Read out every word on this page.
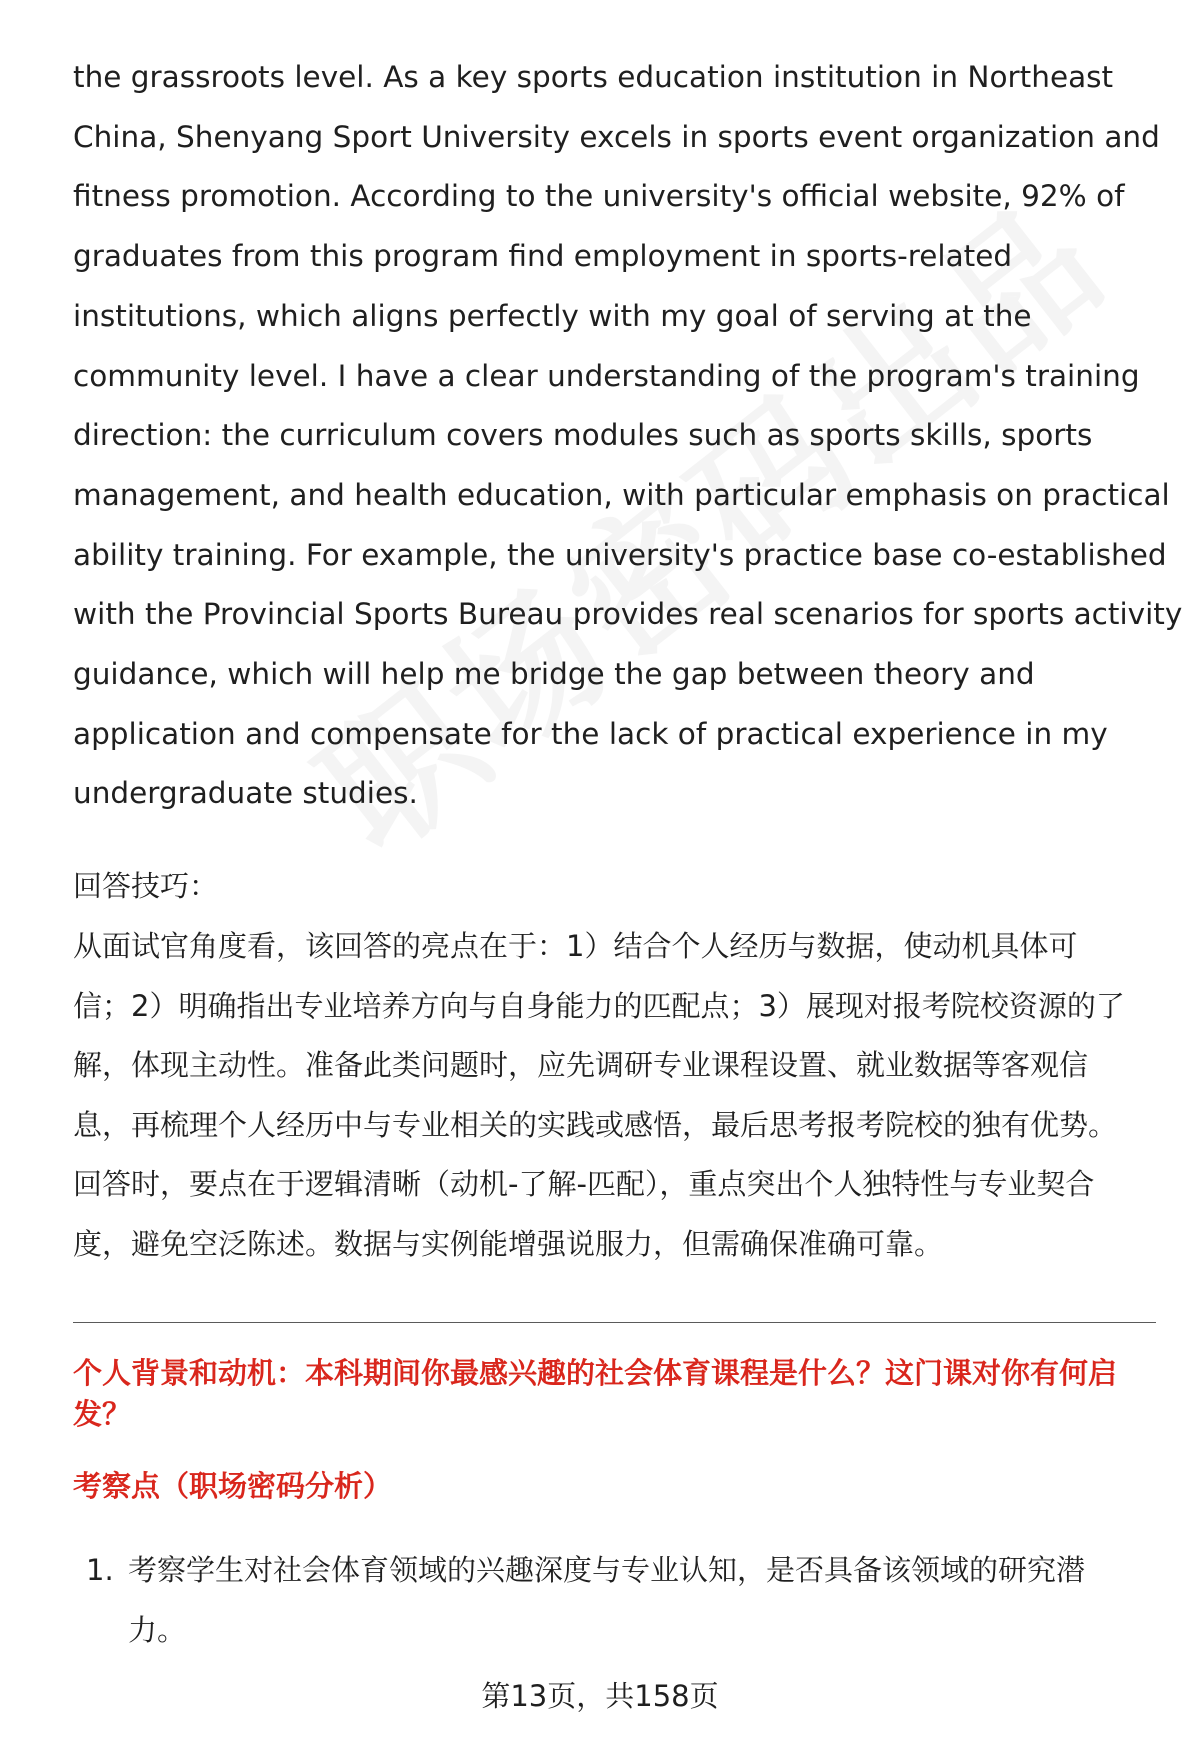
the grassroots level. As a key sports education institution in Northeast
China, Shenyang Sport University excels in sports event organization and
fitness promotion. According to the university's official website, 92% of
graduates from this program find employment in sports-related
institutions, which aligns perfectly with my goal of serving at the
community level. I have a clear understanding of the program's training
direction: the curriculum covers modules such as sports skills, sports
management, and health education, with particular emphasis on practical
ability training. For example, the university's practice base co-established
with the Provincial Sports Bureau provides real scenarios for sports activity
guidance, which will help me bridge the gap between theory and
application and compensate for the lack of practical experience in my
undergraduate studies.

回答技巧：

从面试官角度看，该回答的亮点在于：1）结合个人经历与数据，使动机具体可
信；2）明确指出专业培养方向与自身能力的匹配点；3）展现对报考院校资源的了
解，体现主动性。准备此类问题时，应先调研专业课程设置、就业数据等客观信
息，再梳理个人经历中与专业相关的实践或感悟，最后思考报考院校的独有优势。
回答时，要点在于逻辑清晰（动机-了解-匹配），重点突出个人独特性与专业契合
度，避免空泛陈述。数据与实例能增强说服力，但需确保准确可靠。

个人背景和动机：本科期间你最感兴趣的社会体育课程是什么？这门课对你有何启
发？
考察点（职场密码分析）
1. 考察学生对社会体育领域的兴趣深度与专业认知，是否具备该领域的研究潜
力。
第13页，共158页
